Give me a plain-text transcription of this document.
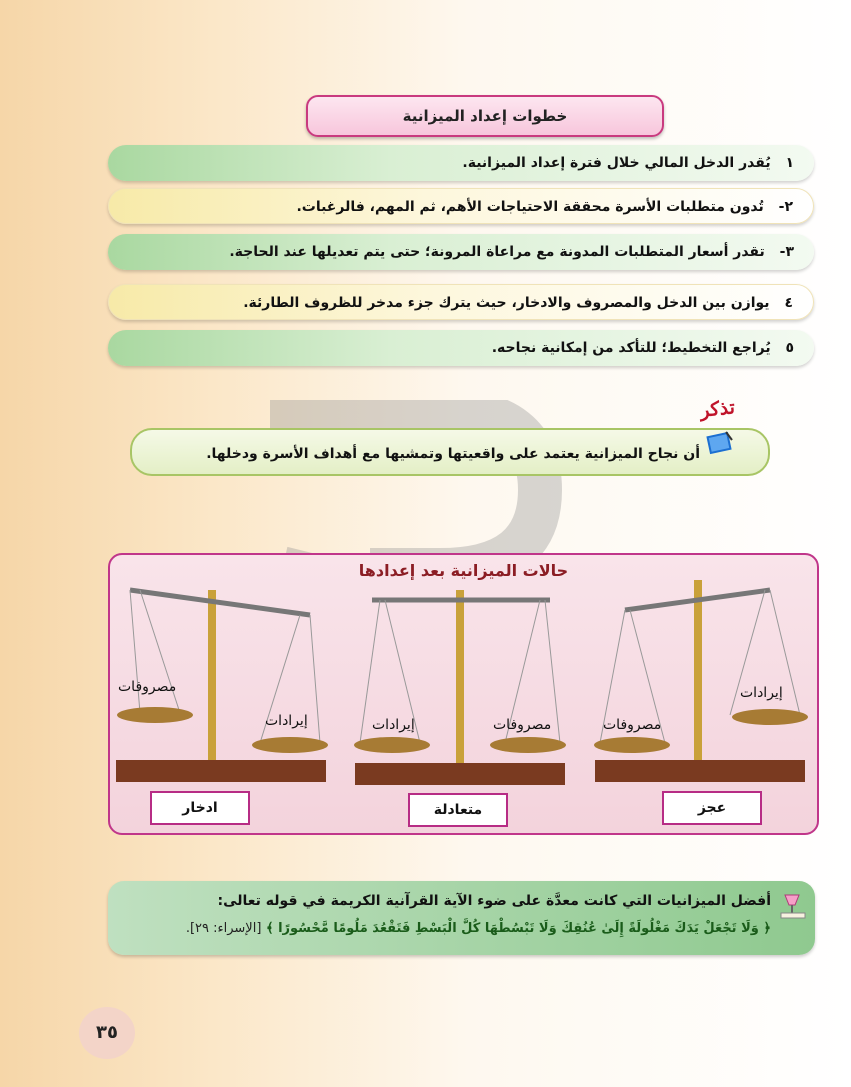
خطوات إعداد الميزانية
١ يُقدر الدخل المالي خلال فترة إعداد الميزانية.
٢- تُدون متطلبات الأسرة محققة الاحتياجات الأهم، ثم المهم، فالرغبات.
٣- تقدر أسعار المتطلبات المدونة مع مراعاة المرونة؛ حتى يتم تعديلها عند الحاجة.
٤ يوازن بين الدخل والمصروف والادخار، حيث يترك جزء مدخر للظروف الطارئة.
٥ يُراجع التخطيط؛ للتأكد من إمكانية نجاحه.
تذكر
أن نجاح الميزانية يعتمد على واقعيتها وتمشيها مع أهداف الأسرة ودخلها.
حالات الميزانية بعد إعدادها
مصروفات
إيرادات	إيرادات	مصروفات	مصروفات
إيرادات
ادخار	متعادلة	عجز
أفضل الميزانيات التي كانت معدَّة على ضوء الآية القرآنية الكريمة في قوله تعالى:
﴿ وَلَا تَجْعَلْ يَدَكَ مَغْلُولَةً إِلَىٰ عُنُقِكَ وَلَا تَبْسُطْهَا كُلَّ الْبَسْطِ فَتَقْعُدَ مَلُومًا مَّحْسُورًا ﴾ [الإسراء: ٢٩].
٣٥
